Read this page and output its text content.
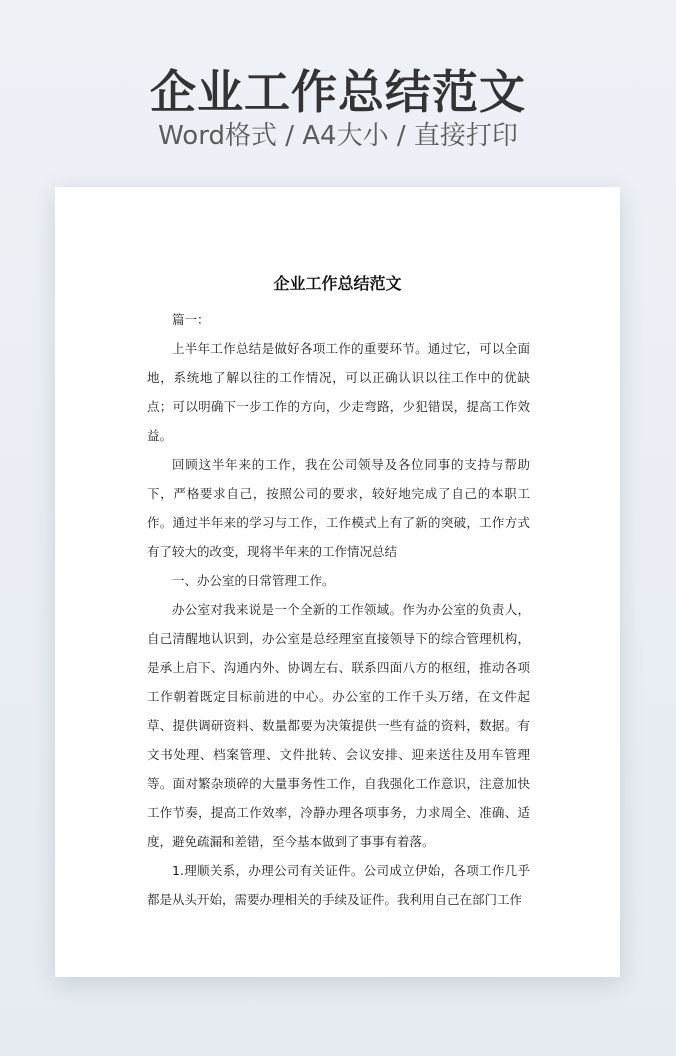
企业工作总结范文
Word格式 / A4大小 / 直接打印
企业工作总结范文

篇一：

上半年工作总结是做好各项工作的重要环节。通过它，可以全面地，系统地了解以往的工作情况，可以正确认识以往工作中的优缺点；可以明确下一步工作的方向，少走弯路，少犯错误，提高工作效益。

回顾这半年来的工作，我在公司领导及各位同事的支持与帮助下，严格要求自己，按照公司的要求，较好地完成了自己的本职工作。通过半年来的学习与工作，工作模式上有了新的突破，工作方式有了较大的改变，现将半年来的工作情况总结

一、办公室的日常管理工作。

办公室对我来说是一个全新的工作领域。作为办公室的负责人，自己清醒地认识到，办公室是总经理室直接领导下的综合管理机构，是承上启下、沟通内外、协调左右、联系四面八方的枢纽，推动各项工作朝着既定目标前进的中心。办公室的工作千头万绪，在文件起草、提供调研资料、数量都要为决策提供一些有益的资料，数据。有文书处理、档案管理、文件批转、会议安排、迎来送往及用车管理等。面对繁杂琐碎的大量事务性工作，自我强化工作意识，注意加快工作节奏，提高工作效率，冷静办理各项事务，力求周全、准确、适度，避免疏漏和差错，至今基本做到了事事有着落。

1.理顺关系，办理公司有关证件。公司成立伊始，各项工作几乎都是从头开始，需要办理相关的手续及证件。我利用自己在部门工作
